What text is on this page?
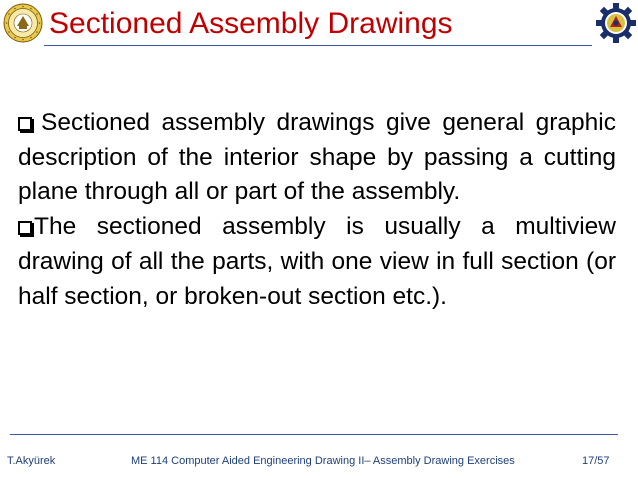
Sectioned Assembly Drawings

Sectioned assembly drawings give general graphic description of the interior shape by passing a cutting plane through all or part of the assembly.

The sectioned assembly is usually a multiview drawing of all the parts, with one view in full section (or half section, or broken-out section etc.).

T.Akyürek	ME 114 Computer Aided Engineering Drawing II– Assembly Drawing Exercises	17/57
